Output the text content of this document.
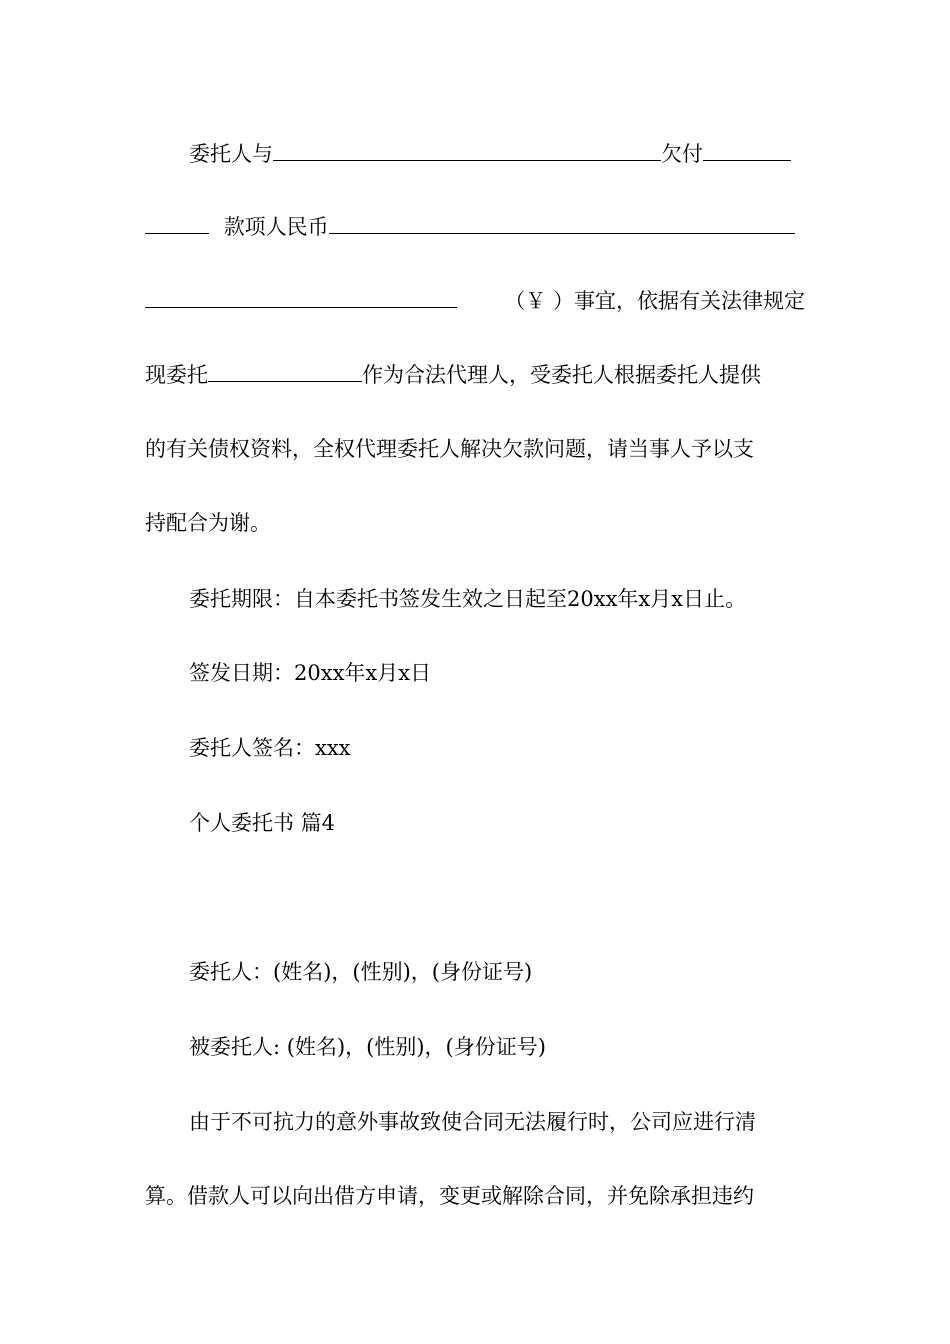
委托人与	欠付
款项人民币
（￥ ）事宜，依据有关法律规定
现委托	作为合法代理人，受委托人根据委托人提供
的有关债权资料，全权代理委托人解决欠款问题，请当事人予以支
持配合为谢。
委托期限：自本委托书签发生效之日起至20xx年x月x日止。
签发日期：20xx年x月x日
委托人签名：xxx
个人委托书 篇4
委托人：(姓名)，(性别)，(身份证号)
被委托人: (姓名)，(性别)，(身份证号)
由于不可抗力的意外事故致使合同无法履行时，公司应进行清
算。借款人可以向出借方申请，变更或解除合同，并免除承担违约
